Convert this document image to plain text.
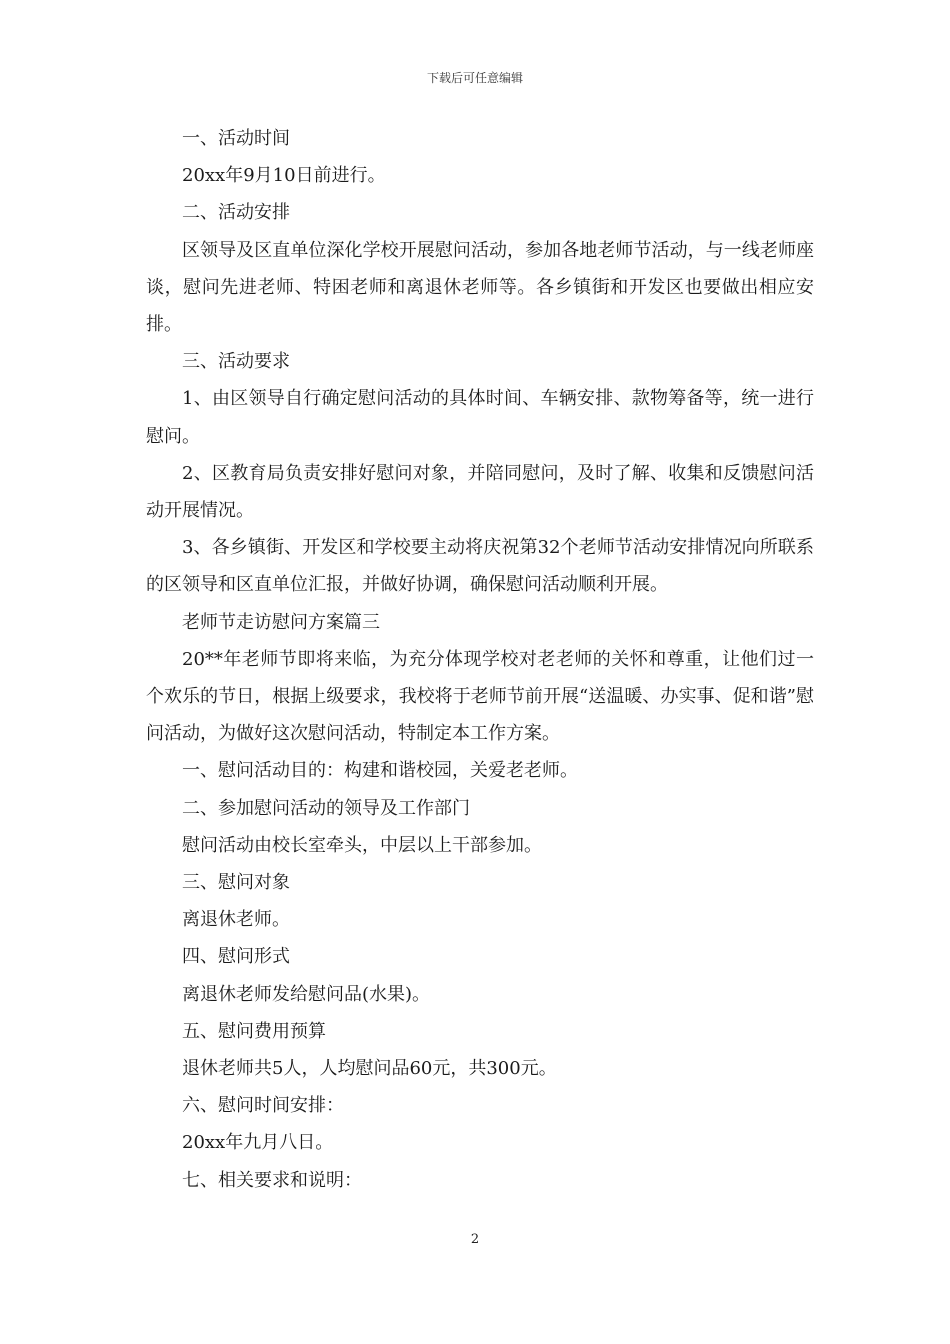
下载后可任意编辑

一、活动时间

20xx年9月10日前进行。

二、活动安排

区领导及区直单位深化学校开展慰问活动，参加各地老师节活动，与一线老师座谈，慰问先进老师、特困老师和离退休老师等。各乡镇街和开发区也要做出相应安排。

三、活动要求

1、由区领导自行确定慰问活动的具体时间、车辆安排、款物筹备等，统一进行慰问。

2、区教育局负责安排好慰问对象，并陪同慰问，及时了解、收集和反馈慰问活动开展情况。

3、各乡镇街、开发区和学校要主动将庆祝第32个老师节活动安排情况向所联系的区领导和区直单位汇报，并做好协调，确保慰问活动顺利开展。

老师节走访慰问方案篇三

20**年老师节即将来临，为充分体现学校对老老师的关怀和尊重，让他们过一个欢乐的节日，根据上级要求，我校将于老师节前开展“送温暖、办实事、促和谐”慰问活动，为做好这次慰问活动，特制定本工作方案。

一、慰问活动目的：构建和谐校园，关爱老老师。

二、参加慰问活动的领导及工作部门

慰问活动由校长室牵头，中层以上干部参加。

三、慰问对象

离退休老师。

四、慰问形式

离退休老师发给慰问品(水果)。

五、慰问费用预算

退休老师共5人，人均慰问品60元，共300元。

六、慰问时间安排：

20xx年九月八日。

七、相关要求和说明：

2
